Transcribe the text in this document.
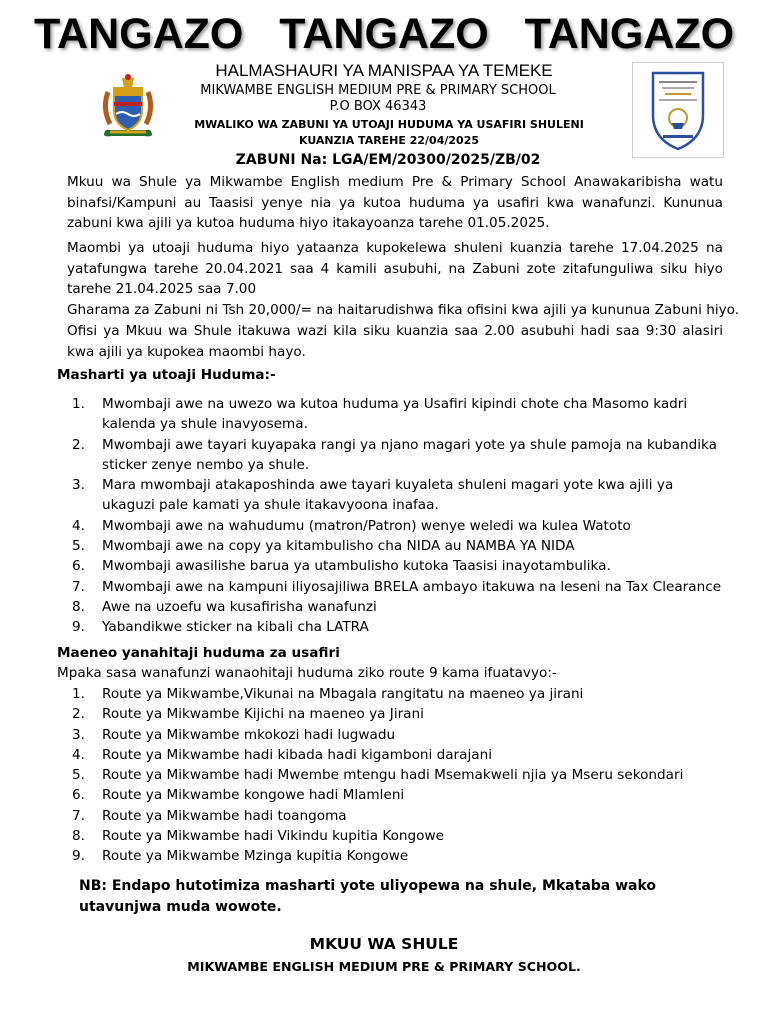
TANGAZO TANGAZO TANGAZO
HALMASHAURI YA MANISPAA YA TEMEKE
MIKWAMBE ENGLISH MEDIUM PRE & PRIMARY SCHOOL
P.O BOX 46343
MWALIKO WA ZABUNI YA UTOAJI HUDUMA YA USAFIRI SHULENI
KUANZIA TAREHE 22/04/2025
ZABUNI Na: LGA/EM/20300/2025/ZB/02
Mkuu wa Shule ya Mikwambe English medium Pre & Primary School Anawakaribisha watu binafsi/Kampuni au Taasisi yenye nia ya kutoa huduma ya usafiri kwa wanafunzi. Kununua zabuni kwa ajili ya kutoa huduma hiyo itakayoanza tarehe 01.05.2025.
Maombi ya utoaji huduma hiyo yataanza kupokelewa shuleni kuanzia tarehe 17.04.2025 na yatafungwa tarehe 20.04.2021 saa 4 kamili asubuhi, na Zabuni zote zitafunguliwa siku hiyo tarehe 21.04.2025 saa 7.00
Gharama za Zabuni ni Tsh 20,000/= na haitarudishwa fika ofisini kwa ajili ya kununua Zabuni hiyo.
Ofisi ya Mkuu wa Shule itakuwa wazi kila siku kuanzia saa 2.00 asubuhi hadi saa 9:30 alasiri kwa ajili ya kupokea maombi hayo.
Masharti ya utoaji Huduma:-
1. Mwombaji awe na uwezo wa kutoa huduma ya Usafiri kipindi chote cha Masomo kadri kalenda ya shule inavyosema.
2. Mwombaji awe tayari kuyapaka rangi ya njano magari yote ya shule pamoja na kubandika sticker zenye nembo ya shule.
3. Mara mwombaji atakaposhinda awe tayari kuyaleta shuleni magari yote kwa ajili ya ukaguzi pale kamati ya shule itakavyoona inafaa.
4. Mwombaji awe na wahudumu (matron/Patron) wenye weledi wa kulea Watoto
5. Mwombaji awe na copy ya kitambulisho cha NIDA au NAMBA YA NIDA
6. Mwombaji awasilishe barua ya utambulisho kutoka Taasisi inayotambulika.
7. Mwombaji awe na kampuni iliyosajiliwa BRELA ambayo itakuwa na leseni na Tax Clearance
8. Awe na uzoefu wa kusafirisha wanafunzi
9. Yabandikwe sticker na kibali cha LATRA
Maeneo yanahitaji huduma za usafiri
Mpaka sasa wanafunzi wanaohitaji huduma ziko route 9 kama ifuatavyo:-
1. Route ya Mikwambe,Vikunai na Mbagala rangitatu na maeneo ya jirani
2. Route ya Mikwambe Kijichi na maeneo ya Jirani
3. Route ya Mikwambe mkokozi hadi lugwadu
4. Route ya Mikwambe hadi kibada hadi kigamboni darajani
5. Route ya Mikwambe hadi Mwembe mtengu hadi Msemakweli njia ya Mseru sekondari
6. Route ya Mikwambe kongowe hadi Mlamleni
7. Route ya Mikwambe hadi toangoma
8. Route ya Mikwambe hadi Vikindu kupitia Kongowe
9. Route ya Mikwambe Mzinga kupitia Kongowe
NB: Endapo hutotimiza masharti yote uliyopewa na shule, Mkataba wako utavunjwa muda wowote.
MKUU WA SHULE
MIKWAMBE ENGLISH MEDIUM PRE & PRIMARY SCHOOL.
